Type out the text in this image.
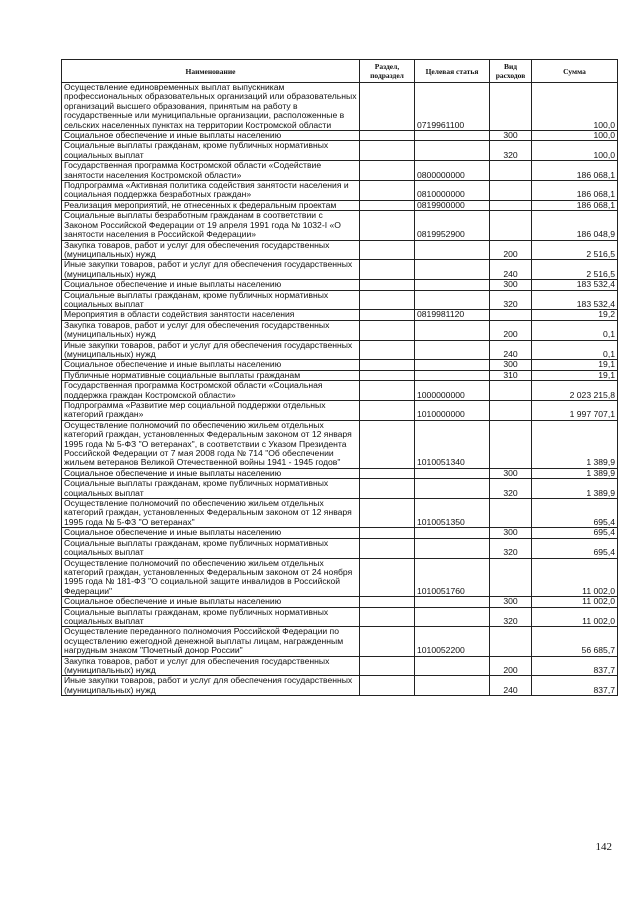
Наименование	Раздел, подраздел	Целевая статья	Вид расходов	Сумма
Осуществление единовременных выплат выпускникам профессиональных образовательных организаций или образовательных организаций высшего образования, принятым на работу в государственные или муниципальные организации, расположенные в сельских населенных пунктах на территории Костромской области		0719961100		100,0
Социальное обеспечение и иные выплаты населению			300	100,0
Социальные выплаты гражданам, кроме публичных нормативных социальных выплат			320	100,0
Государственная программа Костромской области «Содействие занятости населения Костромской области»		0800000000		186 068,1
Подпрограмма «Активная политика содействия занятости населения и социальная поддержка безработных граждан»		0810000000		186 068,1
Реализация мероприятий, не отнесенных к федеральным проектам		0819900000		186 068,1
Социальные выплаты безработным гражданам в соответствии с Законом Российской Федерации от 19 апреля 1991 года № 1032-I «О занятости населения в Российской Федерации»		0819952900		186 048,9
Закупка товаров, работ и услуг для обеспечения государственных (муниципальных) нужд			200	2 516,5
Иные закупки товаров, работ и услуг для обеспечения государственных (муниципальных) нужд			240	2 516,5
Социальное обеспечение и иные выплаты населению			300	183 532,4
Социальные выплаты гражданам, кроме публичных нормативных социальных выплат			320	183 532,4
Мероприятия в области содействия занятости населения		0819981120		19,2
Закупка товаров, работ и услуг для обеспечения государственных (муниципальных) нужд			200	0,1
Иные закупки товаров, работ и услуг для обеспечения государственных (муниципальных) нужд			240	0,1
Социальное обеспечение и иные выплаты населению			300	19,1
Публичные нормативные социальные выплаты гражданам			310	19,1
Государственная программа Костромской области «Социальная поддержка граждан Костромской области»		1000000000		2 023 215,8
Подпрограмма «Развитие мер социальной поддержки отдельных категорий граждан»		1010000000		1 997 707,1
Осуществление полномочий по обеспечению жильем отдельных категорий граждан, установленных Федеральным законом от 12 января 1995 года № 5-ФЗ "О ветеранах", в соответствии с Указом Президента Российской Федерации от 7 мая 2008 года № 714 "Об обеспечении жильем ветеранов Великой Отечественной войны 1941 - 1945 годов"		1010051340		1 389,9
Социальное обеспечение и иные выплаты населению			300	1 389,9
Социальные выплаты гражданам, кроме публичных нормативных социальных выплат			320	1 389,9
Осуществление полномочий по обеспечению жильем отдельных категорий граждан, установленных Федеральным законом от 12 января 1995 года № 5-ФЗ "О ветеранах"		1010051350		695,4
Социальное обеспечение и иные выплаты населению			300	695,4
Социальные выплаты гражданам, кроме публичных нормативных социальных выплат			320	695,4
Осуществление полномочий по обеспечению жильем отдельных категорий граждан, установленных Федеральным законом от 24 ноября 1995 года № 181-ФЗ "О социальной защите инвалидов в Российской Федерации"		1010051760		11 002,0
Социальное обеспечение и иные выплаты населению			300	11 002,0
Социальные выплаты гражданам, кроме публичных нормативных социальных выплат			320	11 002,0
Осуществление переданного полномочия Российской Федерации по осуществлению ежегодной денежной выплаты лицам, награжденным нагрудным знаком "Почетный донор России"		1010052200		56 685,7
Закупка товаров, работ и услуг для обеспечения государственных (муниципальных) нужд			200	837,7
Иные закупки товаров, работ и услуг для обеспечения государственных (муниципальных) нужд			240	837,7
142
